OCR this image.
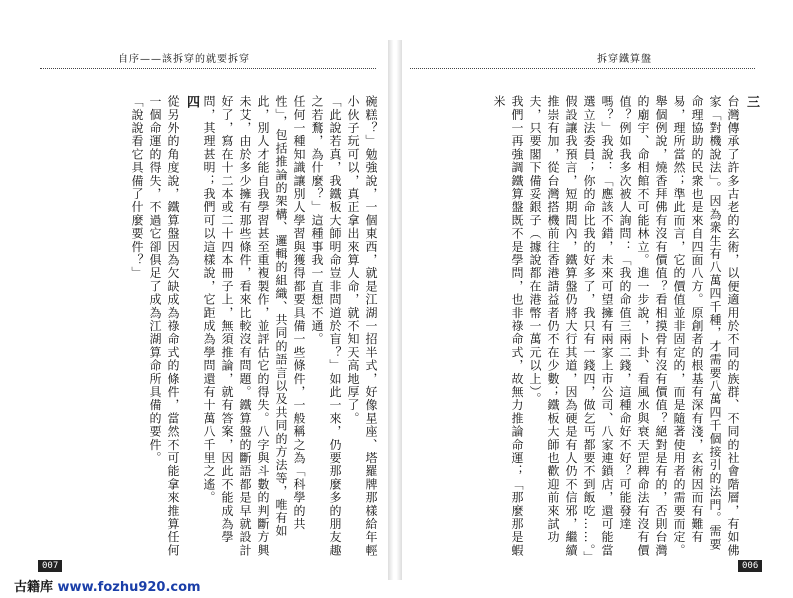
自序——該拆穿的就要拆穿	拆穿鐵算盤

三

台灣傳承了許多古老的玄術，以便適用於不同的族群、不同的社會階層，有如佛家「對機說法」。因為衆生有八萬四千種，才需要八萬四千個接引的法門。需要命理協助的民衆也是來自四面八方。原創者的根基有深有淺，玄術因而有難有易，理所當然；準此而言，它的價值並非固定的，而是隨著使用者的需要而定。舉個例說，燒香拜佛有沒有價值？看相摸骨有沒有價值？絕對是有的，否則台灣的廟宇、命相館不可能林立。進一步說，卜卦、看風水與衰天罡稗命法有沒有價值？例如我多次被人詢問：「我的命值三兩二錢，這種命好不好？可能發達嗎？」我說：「應該不錯，未來可望擁有兩家上市公司、八家連鎖店，還可能當選立法委員；你的命比我的好多了，我只有一錢四，做乞丐都要不到飯吃……。」

假設讓我預言，短期間內，鐵算盤仍將大行其道，因為硬是有人仍不信邪，繼續推崇有加，從台灣搭機前往香港請益者仍不在少數；鐵板大師也歡迎前來試功夫，只要閣下備妥銀子（據說都在港幣一萬元以上）。

我們一再強調鐵算盤既不是學問，也非祿命式，故無力推論命運；「那麼那是蝦米

碗糕？」勉強說，一個東西，就是江湖一招半式，好像星座、塔羅牌那樣給年輕小伙子玩可以，真正拿出來算人命，就不知天高地厚了。

「此說若真，我鐵板大師明命豈非問道於盲？」如此一來，仍要那麼多的朋友趣之若鶩，為什麼？」這種事我一直想不通。

任何一種知識讓別人學習與獲得都要具備一些條件，一般稱之為「科學的共性」，包括推論的架構、邏輯的組織、共同的語言以及共同的方法等，唯有如此，別人才能自我學習甚至重複製作，並評估它的得失。八字與斗數的判斷方興未艾，由於多少擁有那些條件，看來比較沒有問題。鐵算盤的斷語都是早就設計好了，寫在十二本或二十四本冊子上，無須推論，就有答案，因此不能成為學問，其理甚明；我們可以這樣說，它距成為學問還有十萬八千里之遙。

四

從另外的角度說，鐵算盤因為欠缺成為祿命式的條件，當然不可能拿來推算任何一個命運的得失，不過它卻俱足了成為江湖算命所具備的要件。

「說說看它具備了什麼要件？」

007	006
古籍库 www.fozhu920.com
